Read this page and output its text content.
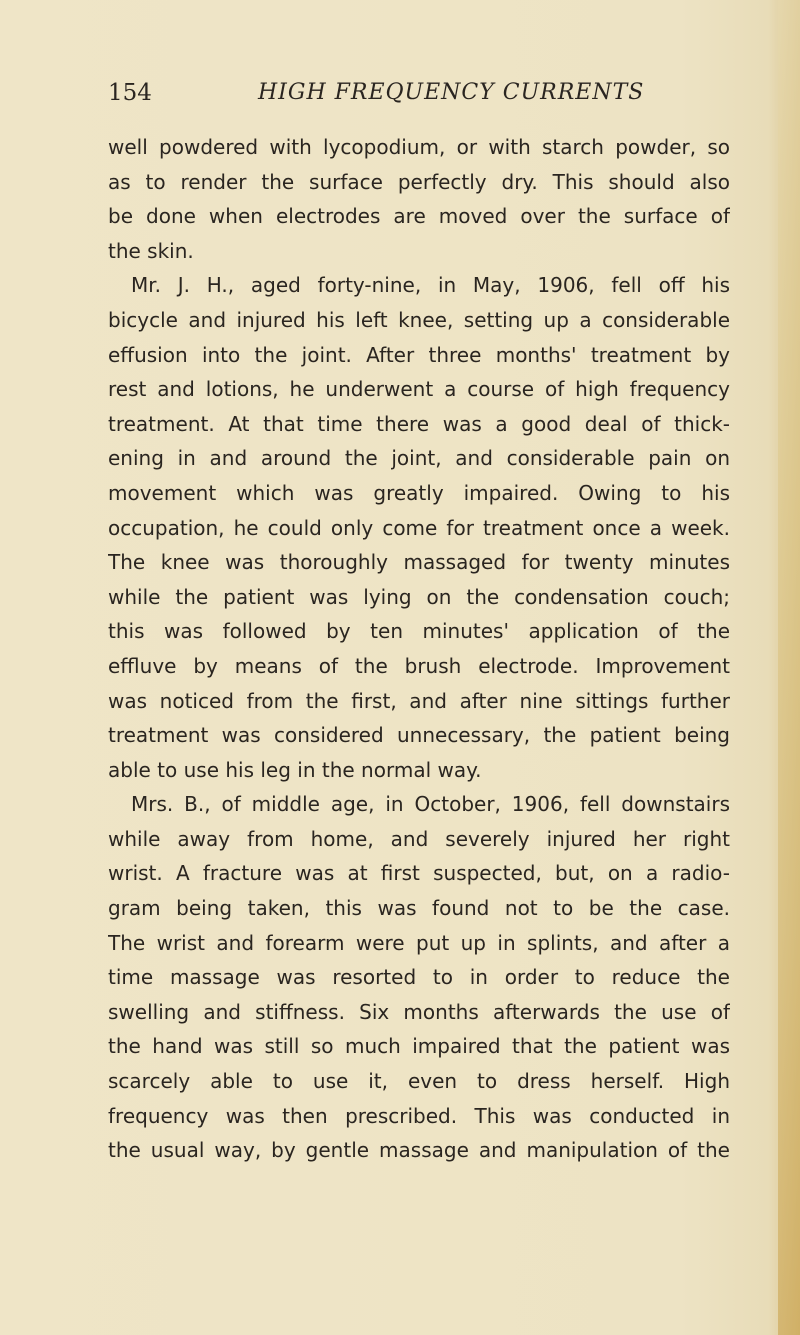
154	HIGH FREQUENCY CURRENTS
well powdered with lycopodium, or with starch powder, so
as to render the surface perfectly dry. This should also
be done when electrodes are moved over the surface of
the skin.
Mr. J. H., aged forty-nine, in May, 1906, fell off his
bicycle and injured his left knee, setting up a considerable
effusion into the joint. After three months' treatment by
rest and lotions, he underwent a course of high frequency
treatment. At that time there was a good deal of thick-
ening in and around the joint, and considerable pain on
movement which was greatly impaired. Owing to his
occupation, he could only come for treatment once a week.
The knee was thoroughly massaged for twenty minutes
while the patient was lying on the condensation couch;
this was followed by ten minutes' application of the
effluve by means of the brush electrode. Improvement
was noticed from the first, and after nine sittings further
treatment was considered unnecessary, the patient being
able to use his leg in the normal way.
Mrs. B., of middle age, in October, 1906, fell downstairs
while away from home, and severely injured her right
wrist. A fracture was at first suspected, but, on a radio-
gram being taken, this was found not to be the case.
The wrist and forearm were put up in splints, and after a
time massage was resorted to in order to reduce the
swelling and stiffness. Six months afterwards the use of
the hand was still so much impaired that the patient was
scarcely able to use it, even to dress herself. High
frequency was then prescribed. This was conducted in
the usual way, by gentle massage and manipulation of the
